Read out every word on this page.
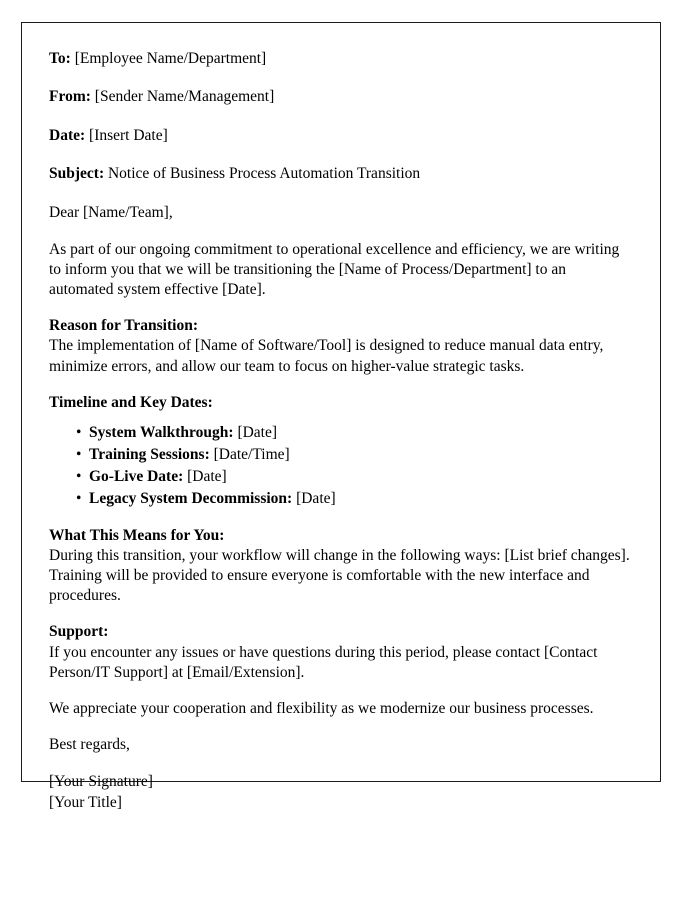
To: [Employee Name/Department]
From: [Sender Name/Management]
Date: [Insert Date]
Subject: Notice of Business Process Automation Transition

Dear [Name/Team],

As part of our ongoing commitment to operational excellence and efficiency, we are writing to inform you that we will be transitioning the [Name of Process/Department] to an automated system effective [Date].

Reason for Transition:

The implementation of [Name of Software/Tool] is designed to reduce manual data entry, minimize errors, and allow our team to focus on higher-value strategic tasks.

Timeline and Key Dates:

• System Walkthrough: [Date]
• Training Sessions: [Date/Time]
• Go-Live Date: [Date]
• Legacy System Decommission: [Date]

What This Means for You:

During this transition, your workflow will change in the following ways: [List brief changes]. Training will be provided to ensure everyone is comfortable with the new interface and procedures.

Support:

If you encounter any issues or have questions during this period, please contact [Contact Person/IT Support] at [Email/Extension].

We appreciate your cooperation and flexibility as we modernize our business processes.

Best regards,

[Your Signature]

[Your Title]
